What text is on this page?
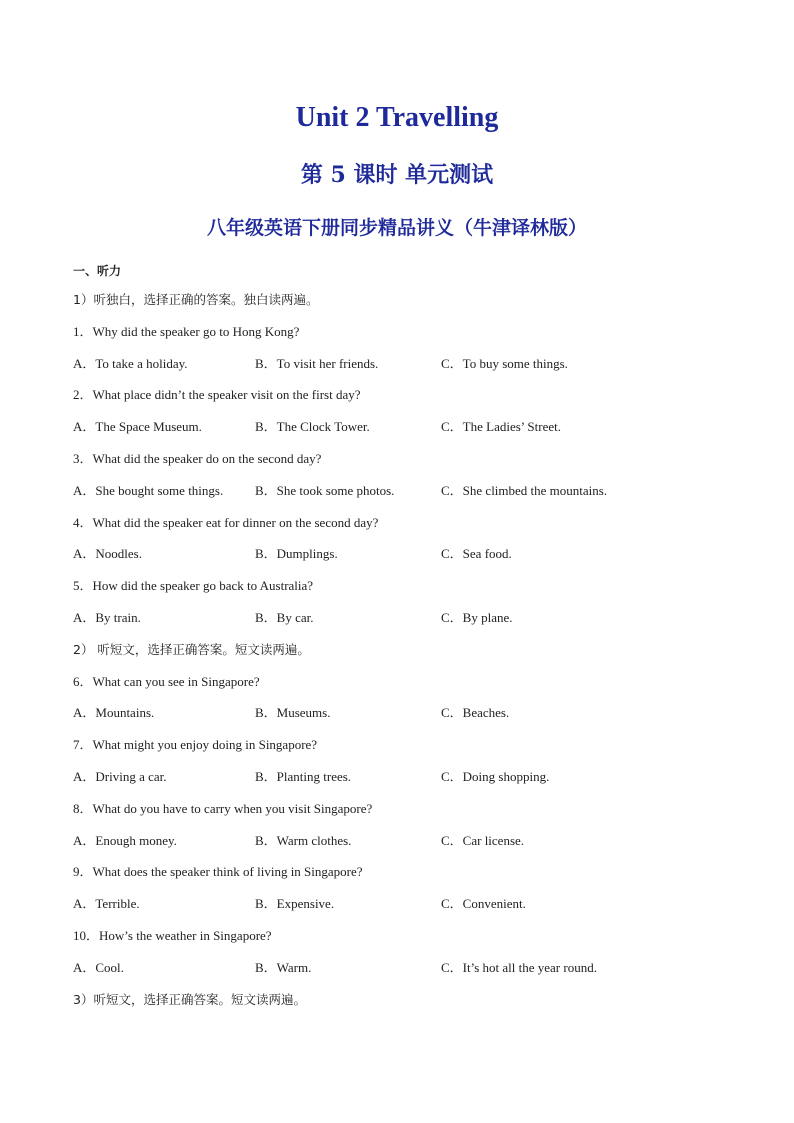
Unit 2 Travelling
第 5 课时 单元测试
八年级英语下册同步精品讲义（牛津译林版）
一、听力
1）听独白，选择正确的答案。独白读两遍。
1．Why did the speaker go to Hong Kong?
A．To take a holiday.	B．To visit her friends.	C．To buy some things.
2．What place didn’t the speaker visit on the first day?
A．The Space Museum.	B．The Clock Tower.	C．The Ladies’ Street.
3．What did the speaker do on the second day?
A．She bought some things. B．She took some photos.	C．She climbed the mountains.
4．What did the speaker eat for dinner on the second day?
A．Noodles.	B．Dumplings.	C．Sea food.
5．How did the speaker go back to Australia?
A．By train.	B．By car.	C．By plane.
2） 听短文，选择正确答案。短文读两遍。
6．What can you see in Singapore?
A．Mountains.	B．Museums.	C．Beaches.
7．What might you enjoy doing in Singapore?
A．Driving a car.	B．Planting trees.	C．Doing shopping.
8．What do you have to carry when you visit Singapore?
A．Enough money.	B．Warm clothes.	C．Car license.
9．What does the speaker think of living in Singapore?
A．Terrible.	B．Expensive.	C．Convenient.
10．How’s the weather in Singapore?
A．Cool.	B．Warm.	C．It’s hot all the year round.
3）听短文，选择正确答案。短文读两遍。
